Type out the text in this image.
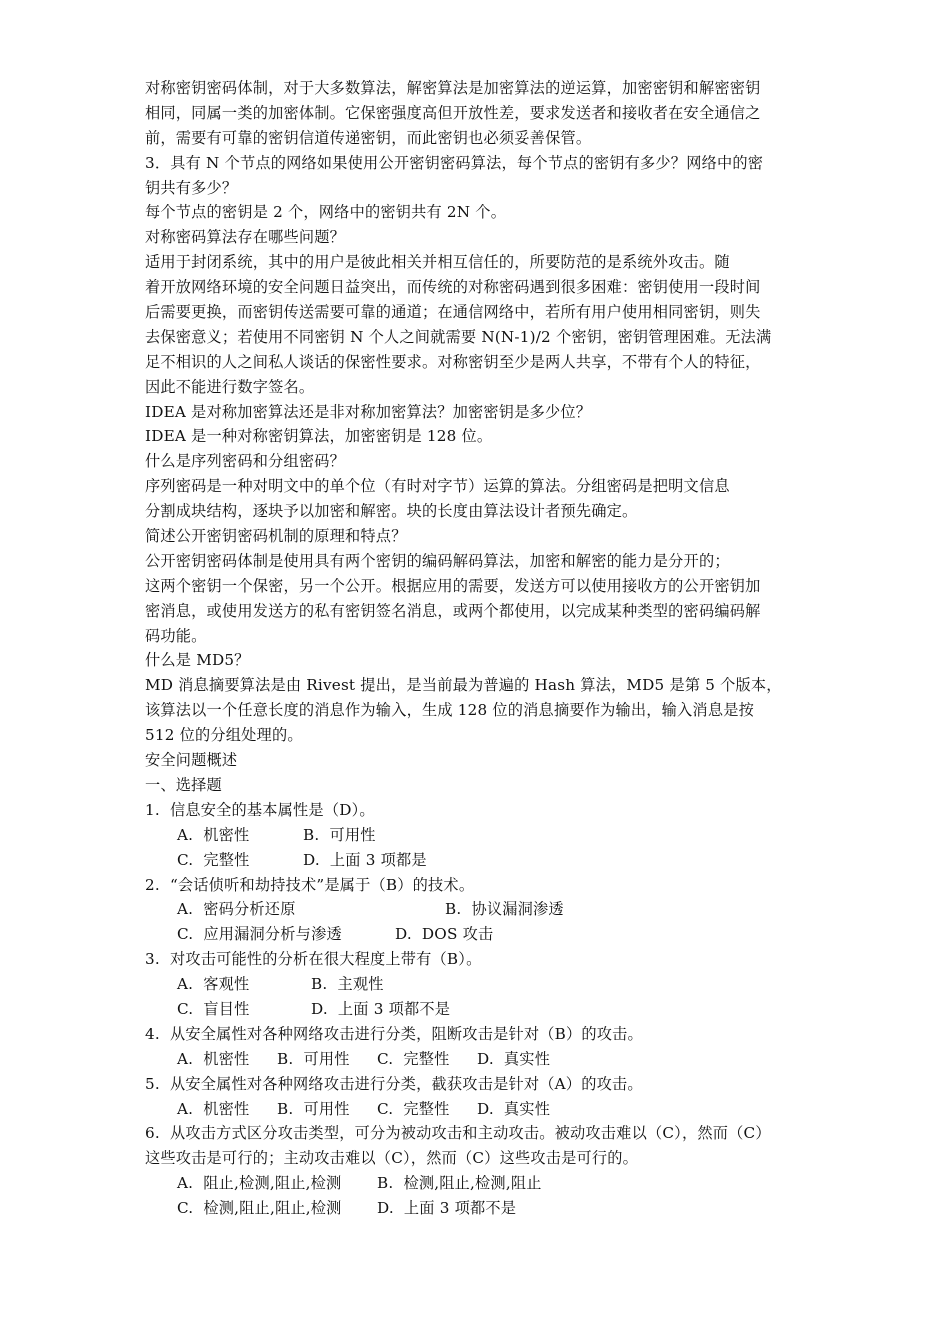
对称密钥密码体制，对于大多数算法，解密算法是加密算法的逆运算，加密密钥和解密密钥
相同，同属一类的加密体制。它保密强度高但开放性差，要求发送者和接收者在安全通信之
前，需要有可靠的密钥信道传递密钥，而此密钥也必须妥善保管。
3．具有 N 个节点的网络如果使用公开密钥密码算法，每个节点的密钥有多少？网络中的密
钥共有多少？
每个节点的密钥是 2 个，网络中的密钥共有 2N 个。
对称密码算法存在哪些问题？
适用于封闭系统，其中的用户是彼此相关并相互信任的，所要防范的是系统外攻击。随
着开放网络环境的安全问题日益突出，而传统的对称密码遇到很多困难：密钥使用一段时间
后需要更换，而密钥传送需要可靠的通道；在通信网络中，若所有用户使用相同密钥，则失
去保密意义；若使用不同密钥 N 个人之间就需要 N(N-1)/2 个密钥，密钥管理困难。无法满
足不相识的人之间私人谈话的保密性要求。对称密钥至少是两人共享，不带有个人的特征，
因此不能进行数字签名。
IDEA 是对称加密算法还是非对称加密算法？加密密钥是多少位？
IDEA 是一种对称密钥算法，加密密钥是 128 位。
什么是序列密码和分组密码？
序列密码是一种对明文中的单个位（有时对字节）运算的算法。分组密码是把明文信息
分割成块结构，逐块予以加密和解密。块的长度由算法设计者预先确定。
简述公开密钥密码机制的原理和特点？
公开密钥密码体制是使用具有两个密钥的编码解码算法，加密和解密的能力是分开的；
这两个密钥一个保密，另一个公开。根据应用的需要，发送方可以使用接收方的公开密钥加
密消息，或使用发送方的私有密钥签名消息，或两个都使用，以完成某种类型的密码编码解
码功能。
什么是 MD5？
MD 消息摘要算法是由 Rivest 提出，是当前最为普遍的 Hash 算法，MD5 是第 5 个版本，
该算法以一个任意长度的消息作为输入，生成 128 位的消息摘要作为输出，输入消息是按
512 位的分组处理的。
安全问题概述
一、选择题
1.  信息安全的基本属性是（D）。
A.  机密性	B.  可用性
C.  完整性	D.  上面 3 项都是
2.  “会话侦听和劫持技术”是属于（B）的技术。
A.  密码分析还原	B.  协议漏洞渗透
C.  应用漏洞分析与渗透	D.  DOS 攻击
3.  对攻击可能性的分析在很大程度上带有（B）。
A.  客观性	B.  主观性
C.  盲目性	D.  上面 3 项都不是
4.  从安全属性对各种网络攻击进行分类，阻断攻击是针对（B）的攻击。
A.  机密性 B.  可用性 C.  完整性 D.  真实性
5.  从安全属性对各种网络攻击进行分类，截获攻击是针对（A）的攻击。
A.  机密性 B.  可用性 C.  完整性 D.  真实性
6.  从攻击方式区分攻击类型，可分为被动攻击和主动攻击。被动攻击难以（C），然而（C）
这些攻击是可行的；主动攻击难以（C），然而（C）这些攻击是可行的。
A.  阻止,检测,阻止,检测 B.  检测,阻止,检测,阻止
C.  检测,阻止,阻止,检测 D.  上面 3 项都不是
